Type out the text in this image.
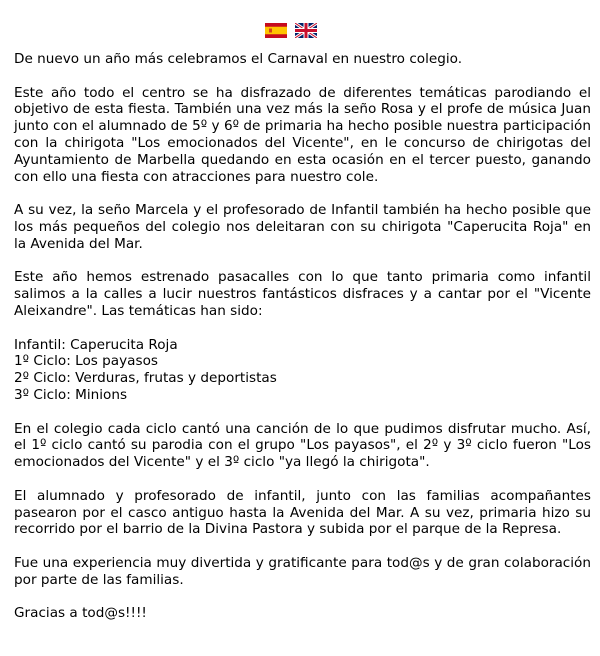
De nuevo un año más celebramos el Carnaval en nuestro colegio.

Este año todo el centro se ha disfrazado de diferentes temáticas parodiando el objetivo de esta fiesta. También una vez más la seño Rosa y el profe de música Juan junto con el alumnado de 5º y 6º de primaria ha hecho posible nuestra participación con la chirigota "Los emocionados del Vicente", en le concurso de chirigotas del Ayuntamiento de Marbella quedando en esta ocasión en el tercer puesto, ganando con ello una fiesta con atracciones para nuestro cole.

A su vez, la seño Marcela y el profesorado de Infantil también ha hecho posible que los más pequeños del colegio nos deleitaran con su chirigota "Caperucita Roja" en la Avenida del Mar.

Este año hemos estrenado pasacalles con lo que tanto primaria como infantil salimos a la calles a lucir nuestros fantásticos disfraces y a cantar por el "Vicente Aleixandre". Las temáticas han sido:

Infantil: Caperucita Roja
1º Ciclo: Los payasos
2º Ciclo: Verduras, frutas y deportistas
3º Ciclo: Minions

En el colegio cada ciclo cantó una canción de lo que pudimos disfrutar mucho. Así, el 1º ciclo cantó su parodia con el grupo "Los payasos", el 2º y 3º ciclo fueron "Los emocionados del Vicente" y el 3º ciclo "ya llegó la chirigota".

El alumnado y profesorado de infantil, junto con las familias acompañantes pasearon por el casco antiguo hasta la Avenida del Mar. A su vez, primaria hizo su recorrido por el barrio de la Divina Pastora y subida por el parque de la Represa.

Fue una experiencia muy divertida y gratificante para tod@s y de gran colaboración por parte de las familias.

Gracias a tod@s!!!!
